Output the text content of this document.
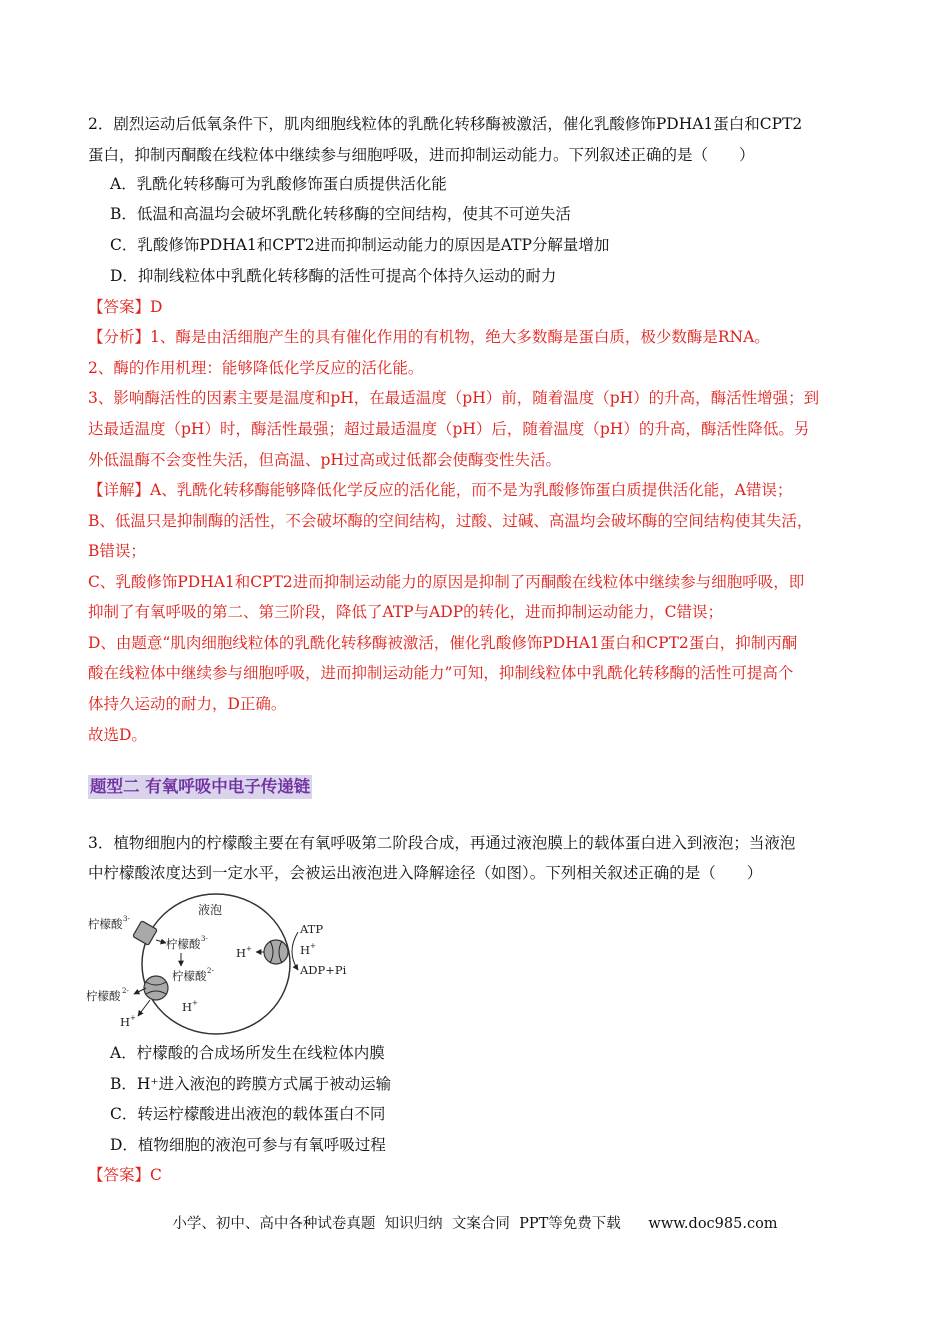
2．剧烈运动后低氧条件下，肌肉细胞线粒体的乳酰化转移酶被激活，催化乳酸修饰PDHA1蛋白和CPT2
蛋白，抑制丙酮酸在线粒体中继续参与细胞呼吸，进而抑制运动能力。下列叙述正确的是（　　）
A．乳酰化转移酶可为乳酸修饰蛋白质提供活化能
B．低温和高温均会破坏乳酰化转移酶的空间结构，使其不可逆失活
C．乳酸修饰PDHA1和CPT2进而抑制运动能力的原因是ATP分解量增加
D．抑制线粒体中乳酰化转移酶的活性可提高个体持久运动的耐力
【答案】D
【分析】1、酶是由活细胞产生的具有催化作用的有机物，绝大多数酶是蛋白质，极少数酶是RNA。
2、酶的作用机理：能够降低化学反应的活化能。
3、影响酶活性的因素主要是温度和pH，在最适温度（pH）前，随着温度（pH）的升高，酶活性增强；到
达最适温度（pH）时，酶活性最强；超过最适温度（pH）后，随着温度（pH）的升高，酶活性降低。另
外低温酶不会变性失活，但高温、pH过高或过低都会使酶变性失活。
【详解】A、乳酰化转移酶能够降低化学反应的活化能，而不是为乳酸修饰蛋白质提供活化能，A错误；
B、低温只是抑制酶的活性，不会破坏酶的空间结构，过酸、过碱、高温均会破坏酶的空间结构使其失活，
B错误；
C、乳酸修饰PDHA1和CPT2进而抑制运动能力的原因是抑制了丙酮酸在线粒体中继续参与细胞呼吸，即
抑制了有氧呼吸的第二、第三阶段，降低了ATP与ADP的转化，进而抑制运动能力，C错误；
D、由题意“肌肉细胞线粒体的乳酰化转移酶被激活，催化乳酸修饰PDHA1蛋白和CPT2蛋白，抑制丙酮
酸在线粒体中继续参与细胞呼吸，进而抑制运动能力”可知，抑制线粒体中乳酰化转移酶的活性可提高个
体持久运动的耐力，D正确。
故选D。
题型二 有氧呼吸中电子传递链
3．植物细胞内的柠檬酸主要在有氧呼吸第二阶段合成，再通过液泡膜上的载体蛋白进入到液泡；当液泡
中柠檬酸浓度达到一定水平，会被运出液泡进入降解途径（如图）。下列相关叙述正确的是（　　）
液泡
柠檬酸 3-
柠檬酸 3-
柠檬酸 2-
柠檬酸 2-
H +
H +
H +
ATP
H +
ADP+Pi
A．柠檬酸的合成场所发生在线粒体内膜
B．H⁺进入液泡的跨膜方式属于被动运输
C．转运柠檬酸进出液泡的载体蛋白不同
D．植物细胞的液泡可参与有氧呼吸过程
【答案】C
小学、初中、高中各种试卷真题  知识归纳  文案合同  PPT等免费下载      www.doc985.com
